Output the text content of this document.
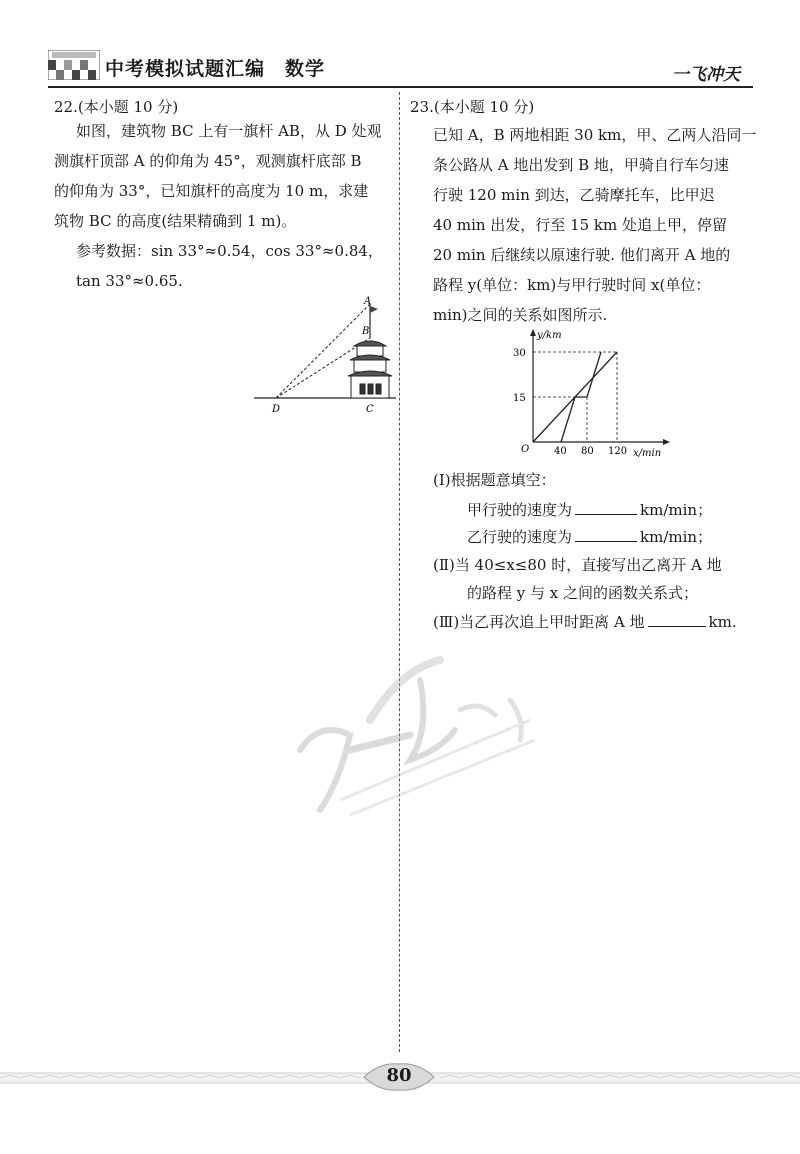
中考模拟试题汇编　数学	一飞冲天
22.(本小题 10 分)
如图，建筑物 BC 上有一旗杆 AB，从 D 处观
测旗杆顶部 A 的仰角为 45°，观测旗杆底部 B
的仰角为 33°，已知旗杆的高度为 10 m，求建
筑物 BC 的高度(结果精确到 1 m)。
参考数据：sin 33°≈0.54，cos 33°≈0.84，
tan 33°≈0.65.
A
B
C
D
23.(本小题 10 分)
已知 A，B 两地相距 30 km，甲、乙两人沿同一
条公路从 A 地出发到 B 地，甲骑自行车匀速
行驶 120 min 到达，乙骑摩托车，比甲迟
40 min 出发，行至 15 km 处追上甲，停留
20 min 后继续以原速行驶. 他们离开 A 地的
路程 y(单位：km)与甲行驶时间 x(单位：
min)之间的关系如图所示.
y/km
x/min
O
30
15
40 80 120
(Ⅰ)根据题意填空：
甲行驶的速度为	km/min；
乙行驶的速度为	km/min；
(Ⅱ)当 40≤x≤80 时，直接写出乙离开 A 地
的路程 y 与 x 之间的函数关系式；
(Ⅲ)当乙再次追上甲时距离 A 地	km.
80
